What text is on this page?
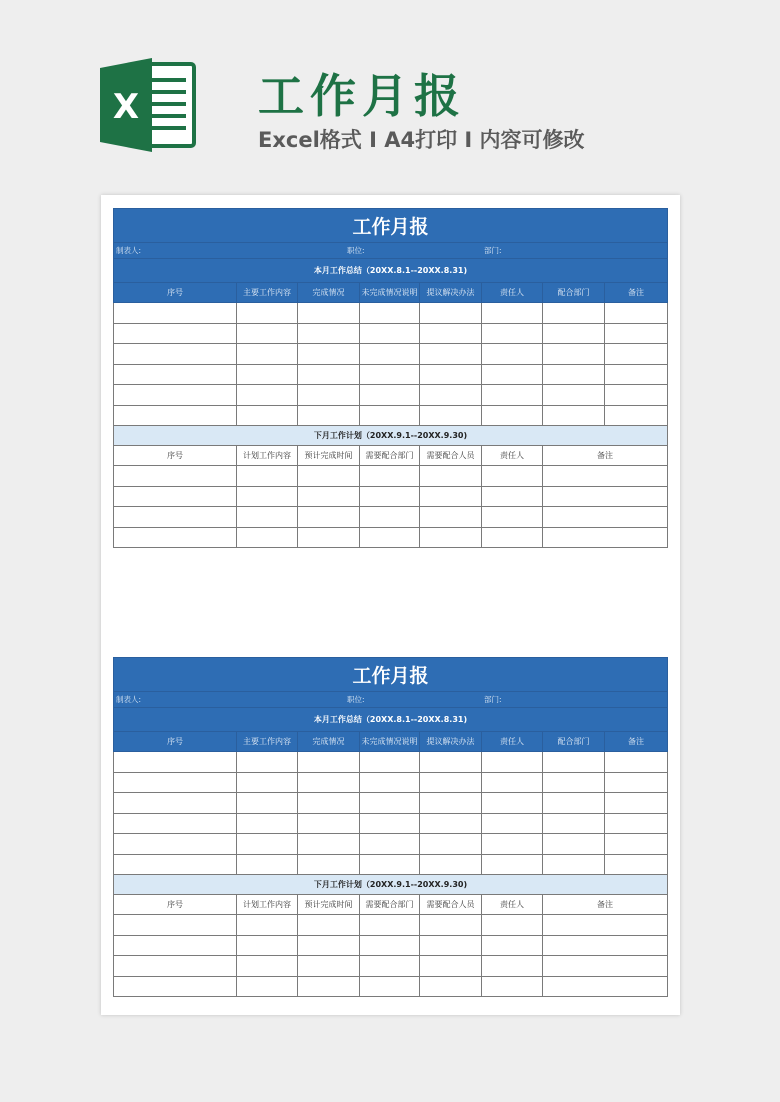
X	工作月报
Excel格式 I A4打印 I 内容可修改
工作月报							

制表人: 职位: 部门:							

本月工作总结（20XX.8.1--20XX.8.31)							
序号	主要工作内容	完成情况	未完成情况说明	提议解决办法	责任人	配合部门	备注

下月工作计划（20XX.9.1--20XX.9.30)							
序号	计划工作内容	预计完成时间	需要配合部门	需要配合人员	责任人	备注	

工作月报							

制表人: 职位: 部门:							

本月工作总结（20XX.8.1--20XX.8.31)							
序号	主要工作内容	完成情况	未完成情况说明	提议解决办法	责任人	配合部门	备注

下月工作计划（20XX.9.1--20XX.9.30)							
序号	计划工作内容	预计完成时间	需要配合部门	需要配合人员	责任人	备注	
